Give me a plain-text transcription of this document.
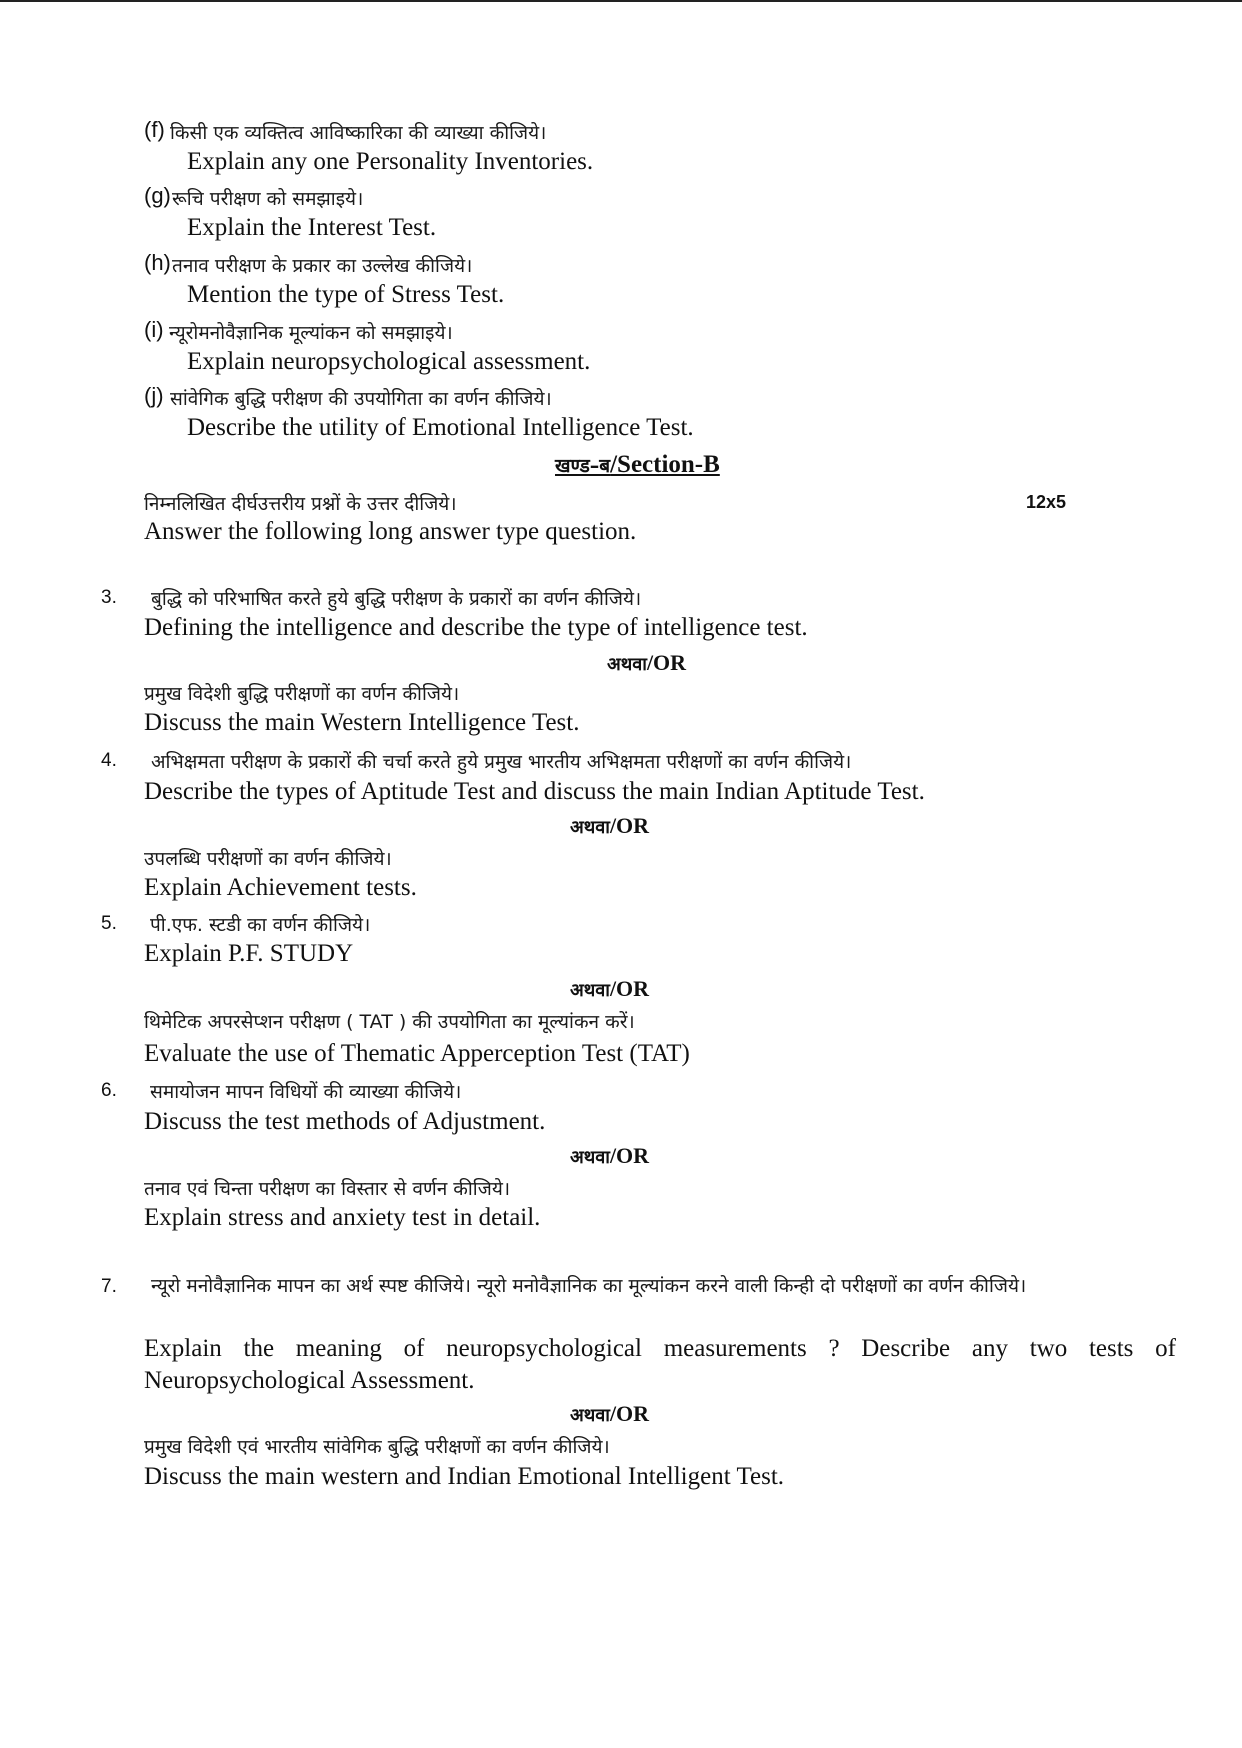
(f) किसी एक व्यक्तित्व आविष्कारिका की व्याख्या कीजिये।
Explain any one Personality Inventories.
(g) रूचि परीक्षण को समझाइये।
Explain the Interest Test.
(h) तनाव परीक्षण के प्रकार का उल्लेख कीजिये।
Mention the type of Stress Test.
(i) न्यूरोमनोवैज्ञानिक मूल्यांकन को समझाइये।
Explain neuropsychological assessment.
(j) सांवेगिक बुद्धि परीक्षण की उपयोगिता का वर्णन कीजिये।
Describe the utility of Emotional Intelligence Test.
खण्ड–ब/Section-B
निम्नलिखित दीर्घउत्तरीय प्रश्नों के उत्तर दीजिये।	12x5
Answer the following long answer type question.
3. बुद्धि को परिभाषित करते हुये बुद्धि परीक्षण के प्रकारों का वर्णन कीजिये।
Defining the intelligence and describe the type of intelligence test.
अथवा/OR
प्रमुख विदेशी बुद्धि परीक्षणों का वर्णन कीजिये।
Discuss the main Western Intelligence Test.
4. अभिक्षमता परीक्षण के प्रकारों की चर्चा करते हुये प्रमुख भारतीय अभिक्षमता परीक्षणों का वर्णन कीजिये।
Describe the types of Aptitude Test and discuss the main Indian Aptitude Test.
अथवा/OR
उपलब्धि परीक्षणों का वर्णन कीजिये।
Explain Achievement tests.
5. पी.एफ. स्टडी का वर्णन कीजिये।
Explain P.F. STUDY
अथवा/OR
थिमेटिक अपरसेप्शन परीक्षण ( TAT ) की उपयोगिता का मूल्यांकन करें।
Evaluate the use of Thematic Apperception Test (TAT)
6. समायोजन मापन विधियों की व्याख्या कीजिये।
Discuss the test methods of Adjustment.
अथवा/OR
तनाव एवं चिन्ता परीक्षण का विस्तार से वर्णन कीजिये।
Explain stress and anxiety test in detail.
7.	न्यूरो मनोवैज्ञानिक मापन का अर्थ स्पष्ट कीजिये। न्यूरो मनोवैज्ञानिक का मूल्यांकन करने वाली किन्ही दो परीक्षणों का वर्णन कीजिये।
Explain the meaning of neuropsychological measurements ? Describe any two tests of Neuropsychological Assessment.
अथवा/OR
प्रमुख विदेशी एवं भारतीय सांवेगिक बुद्धि परीक्षणों का वर्णन कीजिये।
Discuss the main western and Indian Emotional Intelligent Test.
